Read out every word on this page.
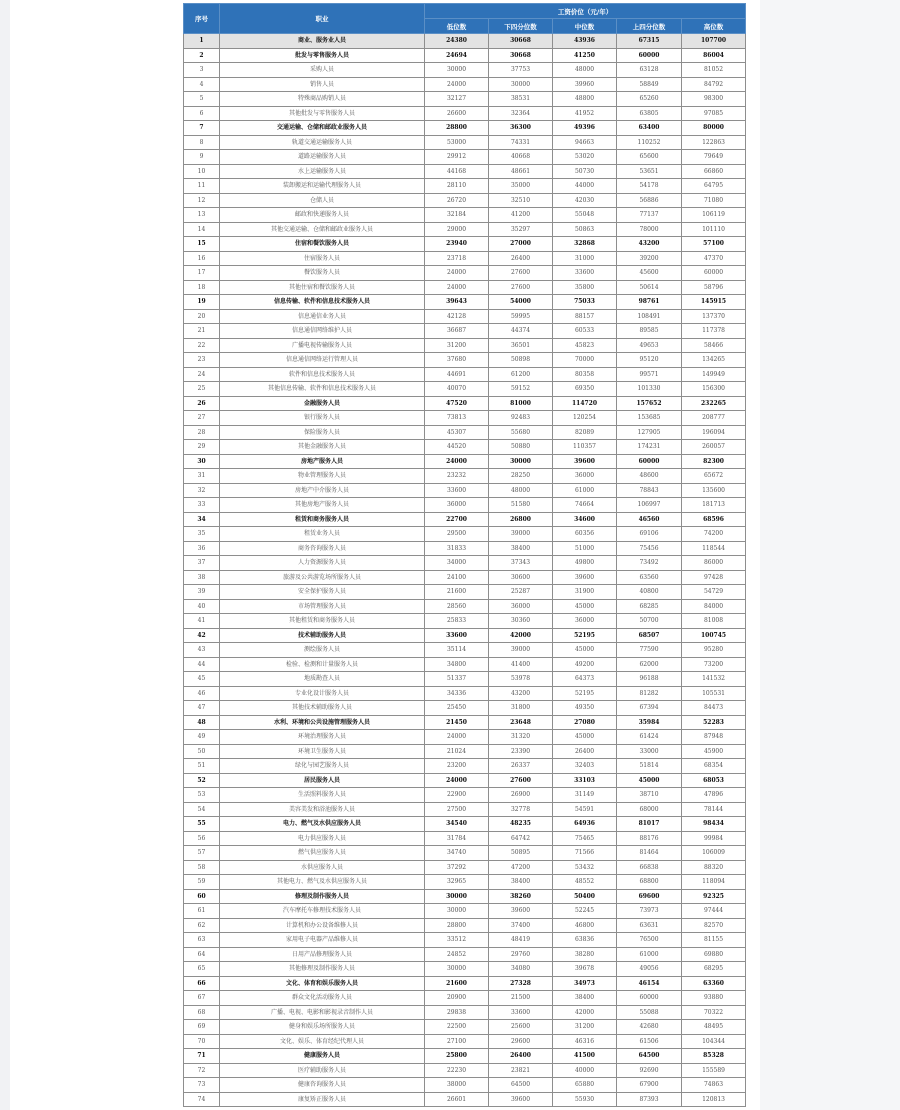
序号	职业	工资价位（元/年）				
		低位数	下四分位数	中位数	上四分位数	高位数
1	商业、服务业人员	24380	30668	43936	67315	107700
2	批发与零售服务人员	24694	30668	41250	60000	86004
3	采购人员	30000	37753	48000	63128	81052
4	销售人员	24000	30000	39960	58849	84792
5	特殊商品购销人员	32127	38531	48800	65260	98300
6	其他批发与零售服务人员	26600	32364	41952	63805	97085
7	交通运输、仓储和邮政业服务人员	28800	36300	49396	63400	80000
8	轨道交通运输服务人员	53000	74331	94663	110252	122863
9	道路运输服务人员	29912	40668	53020	65600	79649
10	水上运输服务人员	44168	48661	50730	53651	66860
11	装卸搬运和运输代理服务人员	28110	35000	44000	54178	64795
12	仓储人员	26720	32510	42030	56886	71080
13	邮政和快递服务人员	32184	41200	55048	77137	106119
14	其他交通运输、仓储和邮政业服务人员	29000	35297	50863	78000	101110
15	住宿和餐饮服务人员	23940	27000	32868	43200	57100
16	住宿服务人员	23718	26400	31000	39200	47370
17	餐饮服务人员	24000	27600	33600	45600	60000
18	其他住宿和餐饮服务人员	24000	27600	35800	50614	58796
19	信息传输、软件和信息技术服务人员	39643	54000	75033	98761	145915
20	信息通信业务人员	42128	59995	88157	108491	137370
21	信息通信网络维护人员	36687	44374	60533	89585	117378
22	广播电视传输服务人员	31200	36501	45823	49653	58466
23	信息通信网络运行管理人员	37680	50898	70000	95120	134265
24	软件和信息技术服务人员	44691	61200	80358	99571	149949
25	其他信息传输、软件和信息技术服务人员	40070	59152	69350	101330	156300
26	金融服务人员	47520	81000	114720	157652	232265
27	银行服务人员	73813	92483	120254	153685	208777
28	保险服务人员	45307	55680	82089	127905	196094
29	其他金融服务人员	44520	50880	110357	174231	260057
30	房地产服务人员	24000	30000	39600	60000	82300
31	物业管理服务人员	23232	28250	36000	48600	65672
32	房地产中介服务人员	33600	48000	61000	78843	135600
33	其他房地产服务人员	36000	51580	74664	106997	181713
34	租赁和商务服务人员	22700	26800	34600	46560	68596
35	租赁业务人员	29500	39000	60356	69106	74200
36	商务咨询服务人员	31833	38400	51000	75456	118544
37	人力资源服务人员	34000	37343	49800	73492	86000
38	旅游及公共游览场所服务人员	24100	30600	39600	63560	97428
39	安全保护服务人员	21600	25287	31900	40800	54729
40	市场管理服务人员	28560	36000	45000	68285	84000
41	其他租赁和商务服务人员	25833	30360	36000	50700	81008
42	技术辅助服务人员	33600	42000	52195	68507	100745
43	测绘服务人员	35114	39000	45000	77590	95280
44	检验、检测和计量服务人员	34800	41400	49200	62000	73200
45	地质勘查人员	51337	53978	64373	96188	141532
46	专业化设计服务人员	34336	43200	52195	81282	105531
47	其他技术辅助服务人员	25450	31800	49350	67394	84473
48	水利、环境和公共设施管理服务人员	21450	23648	27080	35984	52283
49	环境治理服务人员	24000	31320	45000	61424	87948
50	环境卫生服务人员	21024	23390	26400	33000	45900
51	绿化与园艺服务人员	23200	26337	32403	51814	68354
52	居民服务人员	24000	27600	33103	45000	68053
53	生活照料服务人员	22900	26900	31149	38710	47896
54	美容美发和浴池服务人员	27500	32778	54591	68000	78144
55	电力、燃气及水供应服务人员	34540	48235	64936	81017	98434
56	电力供应服务人员	31784	64742	75465	88176	99984
57	燃气供应服务人员	34740	50895	71566	81464	106009
58	水供应服务人员	37292	47200	53432	66838	88320
59	其他电力、燃气及水供应服务人员	32965	38400	48552	68800	118094
60	修理及制作服务人员	30000	38260	50400	69600	92325
61	汽车摩托车修理技术服务人员	30000	39600	52245	73973	97444
62	计算机和办公设备维修人员	28800	37400	46800	63631	82570
63	家用电子电器产品维修人员	33512	48419	63836	76500	81155
64	日用产品修理服务人员	24852	29760	38280	61000	69880
65	其他修理及制作服务人员	30000	34080	39678	49056	68295
66	文化、体育和娱乐服务人员	21600	27328	34973	46154	63360
67	群众文化活动服务人员	20900	21500	38400	60000	93880
68	广播、电视、电影和影视录音制作人员	29838	33600	42000	55088	70322
69	健身和娱乐场所服务人员	22500	25600	31200	42680	48495
70	文化、娱乐、体育经纪代理人员	27100	29600	46316	61506	104344
71	健康服务人员	25800	26400	41500	64500	85328
72	医疗辅助服务人员	22230	23821	40000	92690	155589
73	健康咨询服务人员	38000	64500	65880	67900	74863
74	康复矫正服务人员	26601	39600	55930	87393	120813
